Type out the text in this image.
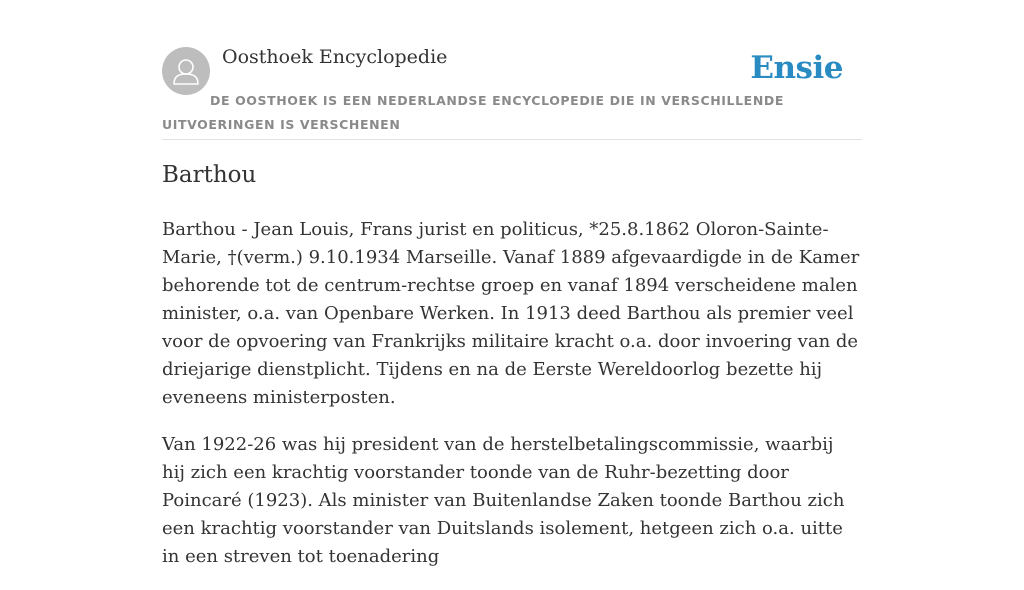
Oosthoek Encyclopedie	Ensie
DE OOSTHOEK IS EEN NEDERLANDSE ENCYCLOPEDIE DIE IN VERSCHILLENDE UITVOERINGEN IS VERSCHENEN
Barthou

Barthou - Jean Louis, Frans jurist en politicus, *25.8.1862 Oloron-Sainte-Marie, †(verm.) 9.10.1934 Marseille. Vanaf 1889 afgevaardigde in de Kamer behorende tot de centrum-rechtse groep en vanaf 1894 verscheidene malen minister, o.a. van Openbare Werken. In 1913 deed Barthou als premier veel voor de opvoering van Frankrijks militaire kracht o.a. door invoering van de driejarige dienstplicht. Tijdens en na de Eerste Wereldoorlog bezette hij eveneens ministerposten.

Van 1922-26 was hij president van de herstelbetalingscommissie, waarbij hij zich een krachtig voorstander toonde van de Ruhr-bezetting door Poincaré (1923). Als minister van Buitenlandse Zaken toonde Barthou zich een krachtig voorstander van Duitslands isolement, hetgeen zich o.a. uitte in een streven tot toenadering
